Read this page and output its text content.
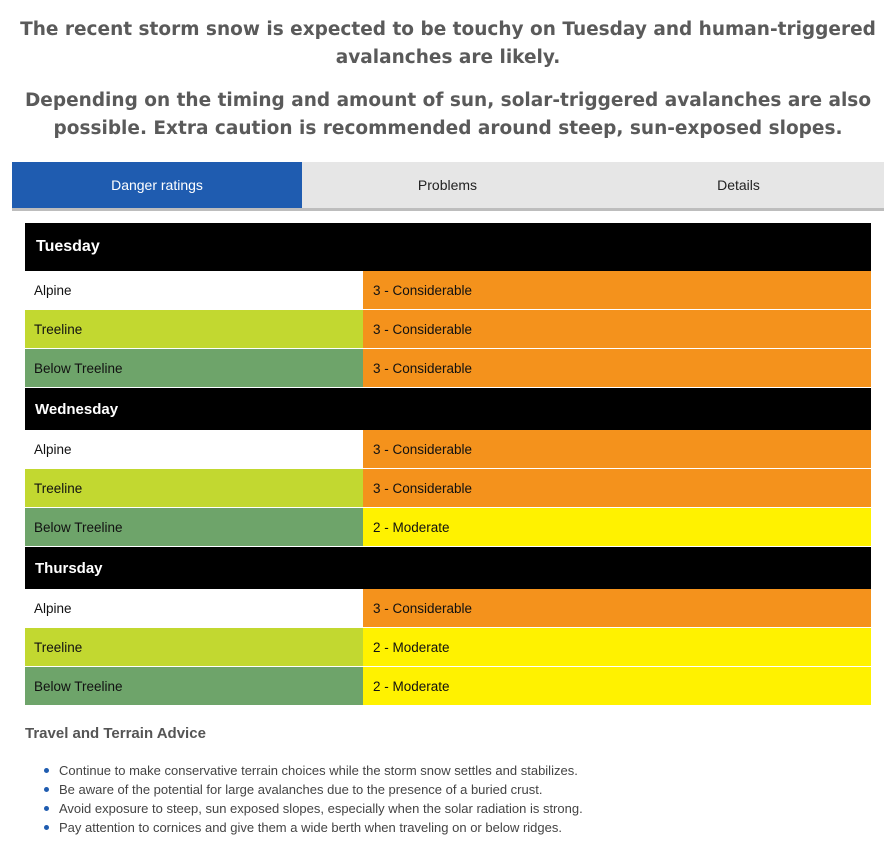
The recent storm snow is expected to be touchy on Tuesday and human-triggered avalanches are likely.
Depending on the timing and amount of sun, solar-triggered avalanches are also possible. Extra caution is recommended around steep, sun-exposed slopes.
Danger ratings	Problems	Details
Tuesday
Alpine	3 - Considerable
Treeline	3 - Considerable
Below Treeline	3 - Considerable
Wednesday
Alpine	3 - Considerable
Treeline	3 - Considerable
Below Treeline	2 - Moderate
Thursday
Alpine	3 - Considerable
Treeline	2 - Moderate
Below Treeline	2 - Moderate
Travel and Terrain Advice
Continue to make conservative terrain choices while the storm snow settles and stabilizes.
Be aware of the potential for large avalanches due to the presence of a buried crust.
Avoid exposure to steep, sun exposed slopes, especially when the solar radiation is strong.
Pay attention to cornices and give them a wide berth when traveling on or below ridges.
